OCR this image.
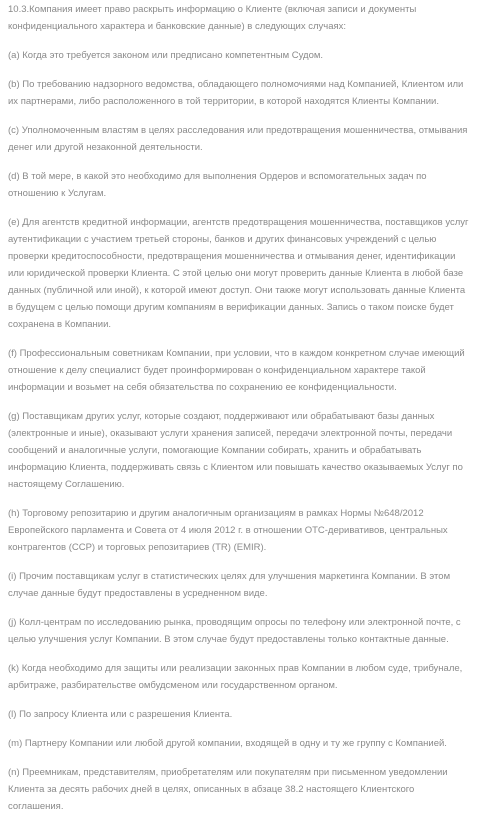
10.3.Компания имеет право раскрыть информацию о Клиенте (включая записи и документы конфиденциального характера и банковские данные) в следующих случаях:

(a) Когда это требуется законом или предписано компетентным Судом.

(b) По требованию надзорного ведомства, обладающего полномочиями над Компанией, Клиентом или их партнерами, либо расположенного в той территории, в которой находятся Клиенты Компании.

(c) Уполномоченным властям в целях расследования или предотвращения мошенничества, отмывания денег или другой незаконной деятельности.

(d) В той мере, в какой это необходимо для выполнения Ордеров и вспомогательных задач по отношению к Услугам.

(e) Для агентств кредитной информации, агентств предотвращения мошенничества, поставщиков услуг аутентификации с участием третьей стороны, банков и других финансовых учреждений с целью проверки кредитоспособности, предотвращения мошенничества и отмывания денег, идентификации или юридической проверки Клиента. С этой целью они могут проверить данные Клиента в любой базе данных (публичной или иной), к которой имеют доступ. Они также могут использовать данные Клиента в будущем с целью помощи другим компаниям в верификации данных. Запись о таком поиске будет сохранена в Компании.

(f) Профессиональным советникам Компании, при условии, что в каждом конкретном случае имеющий отношение к делу специалист будет проинформирован о конфиденциальном характере такой информации и возьмет на себя обязательства по сохранению ее конфиденциальности.

(g) Поставщикам других услуг, которые создают, поддерживают или обрабатывают базы данных (электронные и иные), оказывают услуги хранения записей, передачи электронной почты, передачи сообщений и аналогичные услуги, помогающие Компании собирать, хранить и обрабатывать информацию Клиента, поддерживать связь с Клиентом или повышать качество оказываемых Услуг по настоящему Соглашению.

(h) Торговому репозитарию и другим аналогичным организациям в рамках Нормы №648/2012 Европейского парламента и Совета от 4 июля 2012 г. в отношении OTC-деривативов, центральных контрагентов (CCP) и торговых репозитариев (TR) (EMIR).

(i) Прочим поставщикам услуг в статистических целях для улучшения маркетинга Компании. В этом случае данные будут предоставлены в усредненном виде.

(j) Колл-центрам по исследованию рынка, проводящим опросы по телефону или электронной почте, с целью улучшения услуг Компании. В этом случае будут предоставлены только контактные данные.

(k) Когда необходимо для защиты или реализации законных прав Компании в любом суде, трибунале, арбитраже, разбирательстве омбудсменом или государственном органом.

(l) По запросу Клиента или с разрешения Клиента.

(m) Партнеру Компании или любой другой компании, входящей в одну и ту же группу с Компанией.

(n) Преемникам, представителям, приобретателям или покупателям при письменном уведомлении Клиента за десять рабочих дней в целях, описанных в абзаце 38.2 настоящего Клиентского соглашения.
